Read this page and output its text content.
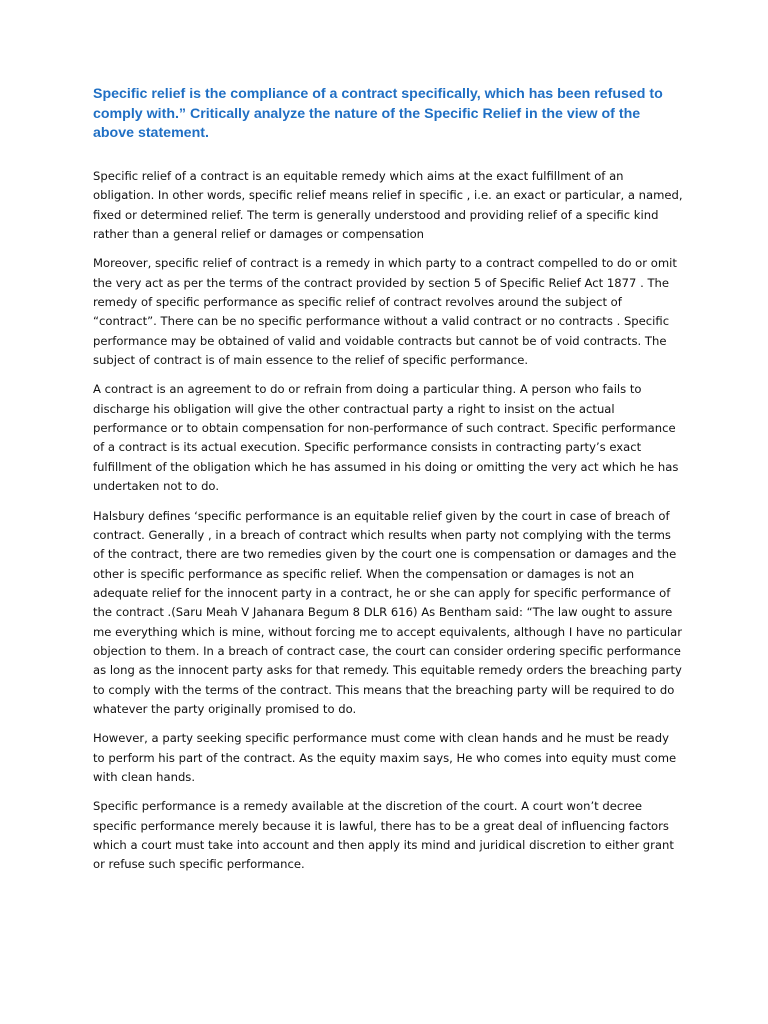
Specific relief is the compliance of a contract specifically, which has been refused to comply with.” Critically analyze the nature of the Specific Relief in the view of the above statement.

Specific relief of a contract is an equitable remedy which aims at the exact fulfillment of an obligation. In other words, specific relief means relief in specific , i.e. an exact or particular, a named, fixed or determined relief. The term is generally understood and providing relief of a specific kind rather than a general relief or damages or compensation

Moreover, specific relief of contract is a remedy in which party to a contract compelled to do or omit the very act as per the terms of the contract provided by section 5 of Specific Relief Act 1877 . The remedy of specific performance as specific relief of contract revolves around the subject of “contract”. There can be no specific performance without a valid contract or no contracts . Specific performance may be obtained of valid and voidable contracts but cannot be of void contracts. The subject of contract is of main essence to the relief of specific performance.

A contract is an agreement to do or refrain from doing a particular thing. A person who fails to discharge his obligation will give the other contractual party a right to insist on the actual performance or to obtain compensation for non-performance of such contract. Specific performance of a contract is its actual execution. Specific performance consists in contracting party’s exact fulfillment of the obligation which he has assumed in his doing or omitting the very act which he has undertaken not to do.

Halsbury defines ‘specific performance is an equitable relief given by the court in case of breach of contract. Generally , in a breach of contract which results when party not complying with the terms of the contract, there are two remedies given by the court one is compensation or damages and the other is specific performance as specific relief. When the compensation or damages is not an adequate relief for the innocent party in a contract, he or she can apply for specific performance of the contract .(Saru Meah V Jahanara Begum 8 DLR 616) As Bentham said: “The law ought to assure me everything which is mine, without forcing me to accept equivalents, although I have no particular objection to them. In a breach of contract case, the court can consider ordering specific performance as long as the innocent party asks for that remedy. This equitable remedy orders the breaching party to comply with the terms of the contract. This means that the breaching party will be required to do whatever the party originally promised to do.

However, a party seeking specific performance must come with clean hands and he must be ready to perform his part of the contract. As the equity maxim says, He who comes into equity must come with clean hands.

Specific performance is a remedy available at the discretion of the court. A court won’t decree specific performance merely because it is lawful, there has to be a great deal of influencing factors which a court must take into account and then apply its mind and juridical discretion to either grant or refuse such specific performance.
